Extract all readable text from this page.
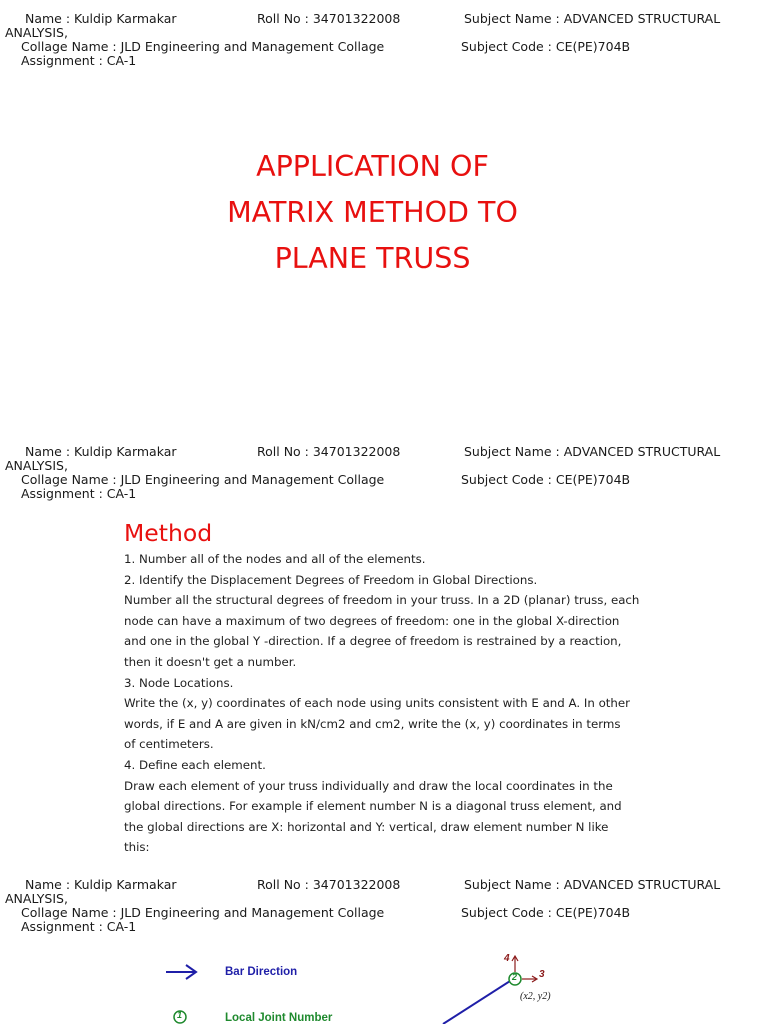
Name : Kuldip Karmakar	Roll No : 34701322008	Subject Name : ADVANCED STRUCTURAL
ANALYSIS,
Collage Name : JLD Engineering and Management Collage	Subject Code : CE(PE)704B
Assignment : CA-1
APPLICATION OF
MATRIX METHOD TO
PLANE TRUSS
Name : Kuldip Karmakar	Roll No : 34701322008	Subject Name : ADVANCED STRUCTURAL
ANALYSIS,
Collage Name : JLD Engineering and Management Collage	Subject Code : CE(PE)704B
Assignment : CA-1
Method
1. Number all of the nodes and all of the elements.
2. Identify the Displacement Degrees of Freedom in Global Directions.
Number all the structural degrees of freedom in your truss. In a 2D (planar) truss, each
node can have a maximum of two degrees of freedom: one in the global X-direction
and one in the global Y -direction. If a degree of freedom is restrained by a reaction,
then it doesn't get a number.
3. Node Locations.
Write the (x, y) coordinates of each node using units consistent with E and A. In other
words, if E and A are given in kN/cm2 and cm2, write the (x, y) coordinates in terms
of centimeters.
4. Define each element.
Draw each element of your truss individually and draw the local coordinates in the
global directions. For example if element number N is a diagonal truss element, and
the global directions are X: horizontal and Y: vertical, draw element number N like
this:
Name : Kuldip Karmakar	Roll No : 34701322008	Subject Name : ADVANCED STRUCTURAL
ANALYSIS,
Collage Name : JLD Engineering and Management Collage	Subject Code : CE(PE)704B
Assignment : CA-1
Bar Direction
Local Joint Number
1
2
4
3
(x2, y2)
